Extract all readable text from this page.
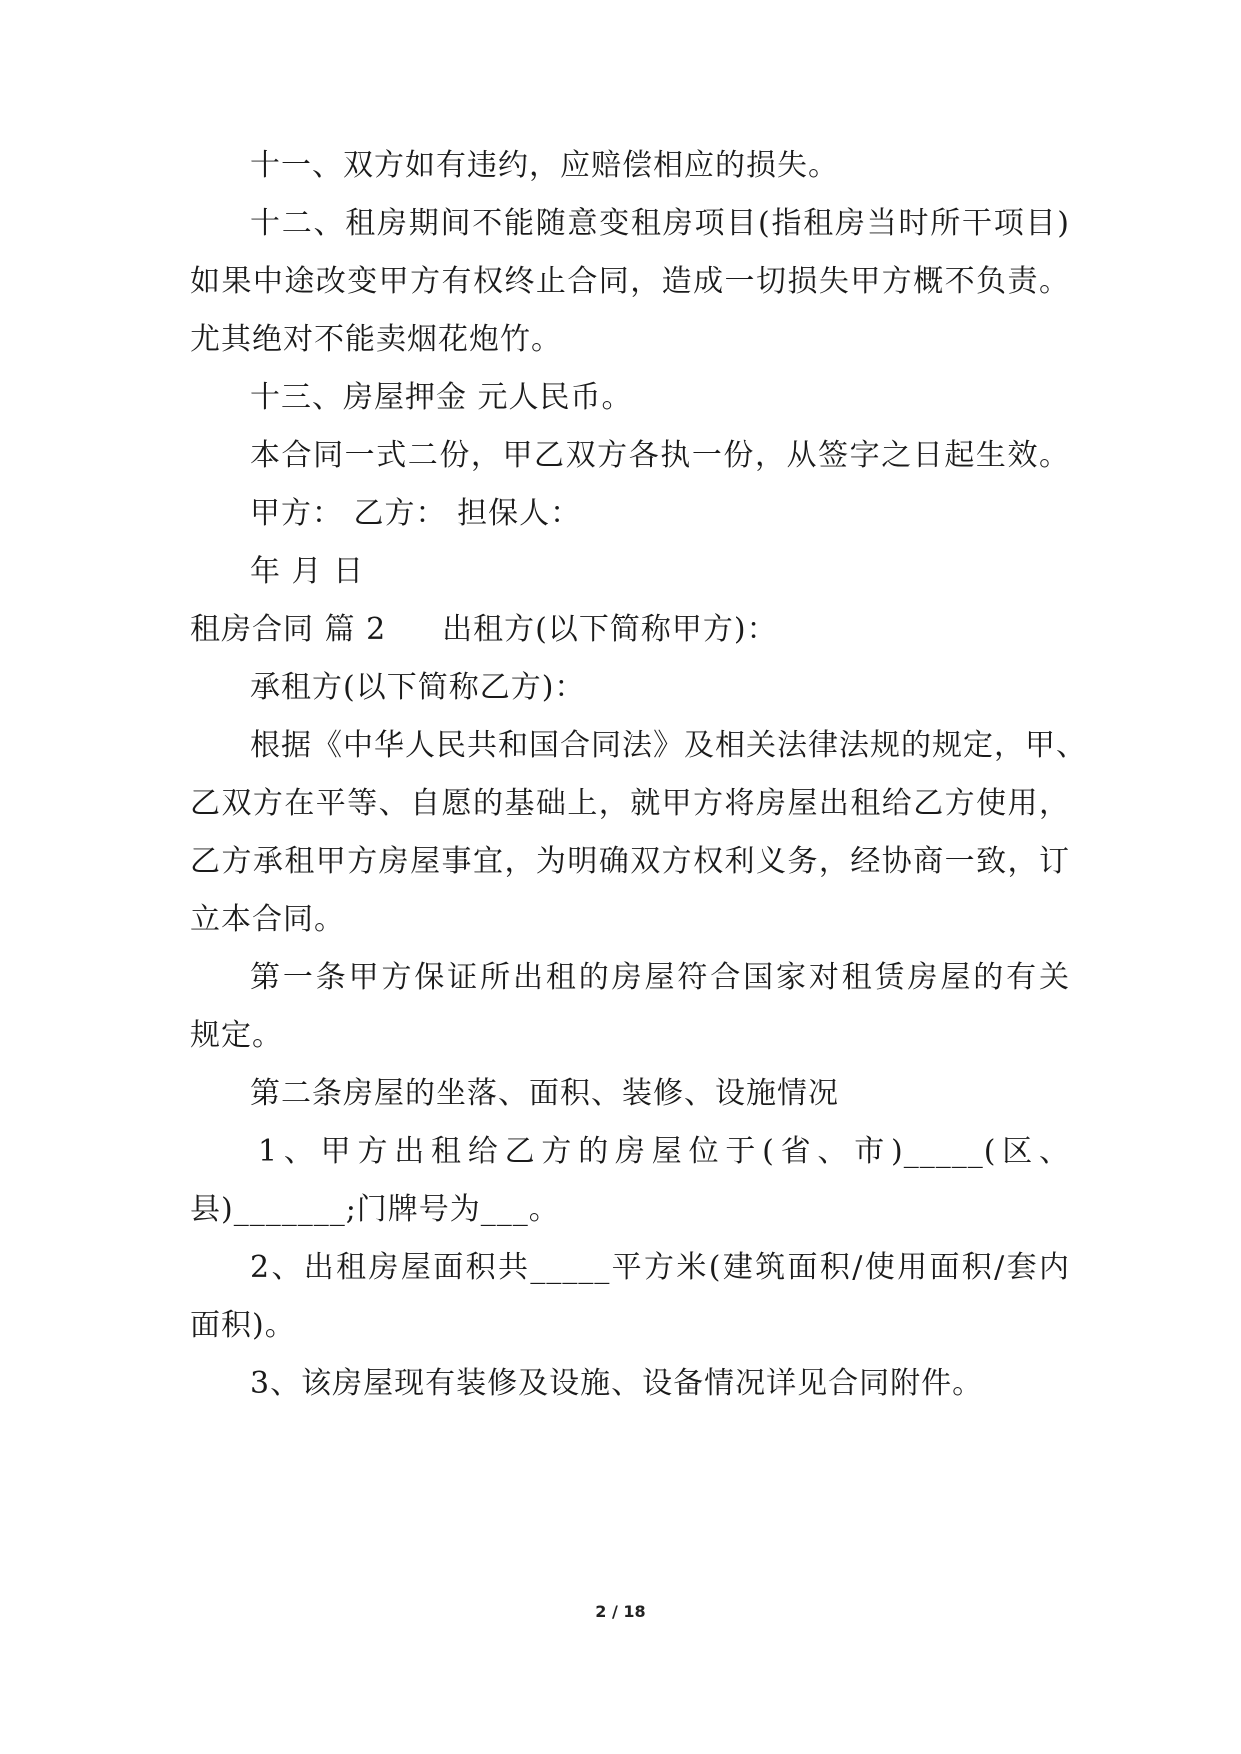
十一、双方如有违约，应赔偿相应的损失。
十二、租房期间不能随意变租房项目(指租房当时所干项目)
如果中途改变甲方有权终止合同，造成一切损失甲方概不负责。
尤其绝对不能卖烟花炮竹。
十三、房屋押金 元人民币。
本合同一式二份，甲乙双方各执一份，从签字之日起生效。
甲方： 乙方： 担保人：
年 月 日
租房合同 篇 2 出租方(以下简称甲方)：
承租方(以下简称乙方)：
根据《中华人民共和国合同法》及相关法律法规的规定，甲、
乙双方在平等、自愿的基础上，就甲方将房屋出租给乙方使用，
乙方承租甲方房屋事宜，为明确双方权利义务，经协商一致，订
立本合同。
第一条甲方保证所出租的房屋符合国家对租赁房屋的有关
规定。
第二条房屋的坐落、面积、装修、设施情况
1、甲方出租给乙方的房屋位于(省、市)_____(区、
县)_______;门牌号为___。
2、出租房屋面积共_____平方米(建筑面积/使用面积/套内
面积)。
3、该房屋现有装修及设施、设备情况详见合同附件。
2 / 18
